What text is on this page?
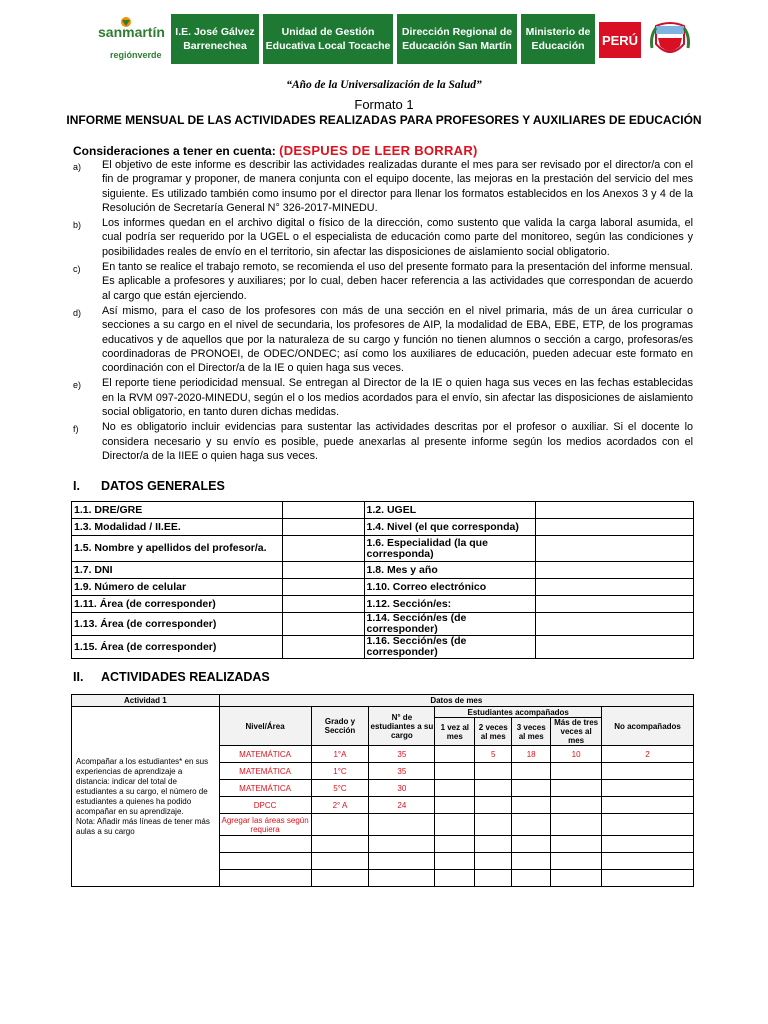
sanmartín
regiónverde
I.E. José Gálvez Barrenechea
Unidad de Gestión Educativa Local Tocache
Dirección Regional de Educación San Martín
Ministerio de Educación	PERÚ
“Año de la Universalización de la Salud”
Formato 1
INFORME MENSUAL DE LAS ACTIVIDADES REALIZADAS PARA PROFESORES Y AUXILIARES DE EDUCACIÓN
Consideraciones a tener en cuenta: (DESPUES DE LEER BORRAR)
a) El objetivo de este informe es describir las actividades realizadas durante el mes para ser revisado por el director/a con el fin de programar y proponer, de manera conjunta con el equipo docente, las mejoras en la prestación del servicio del mes siguiente. Es utilizado también como insumo por el director para llenar los formatos establecidos en los Anexos 3 y 4 de la Resolución de Secretaría General N° 326-2017-MINEDU.
b) Los informes quedan en el archivo digital o físico de la dirección, como sustento que valida la carga laboral asumida, el cual podría ser requerido por la UGEL o el especialista de educación como parte del monitoreo, según las condiciones y posibilidades reales de envío en el territorio, sin afectar las disposiciones de aislamiento social obligatorio.
c) En tanto se realice el trabajo remoto, se recomienda el uso del presente formato para la presentación del informe mensual. Es aplicable a profesores y auxiliares; por lo cual, deben hacer referencia a las actividades que correspondan de acuerdo al cargo que están ejerciendo.
d) Así mismo, para el caso de los profesores con más de una sección en el nivel primaria, más de un área curricular o secciones a su cargo en el nivel de secundaria, los profesores de AIP, la modalidad de EBA, EBE, ETP, de los programas educativos y de aquellos que por la naturaleza de su cargo y función no tienen alumnos o sección a cargo, profesoras/es coordinadoras de PRONOEI, de ODEC/ONDEC; así como los auxiliares de educación, pueden adecuar este formato en coordinación con el Director/a de la IE o quien haga sus veces.
e) El reporte tiene periodicidad mensual. Se entregan al Director de la IE o quien haga sus veces en las fechas establecidas en la RVM 097-2020-MINEDU, según el o los medios acordados para el envío, sin afectar las disposiciones de aislamiento social obligatorio, en tanto duren dichas medidas.
f) No es obligatorio incluir evidencias para sustentar las actividades descritas por el profesor o auxiliar. Si el docente lo considera necesario y su envío es posible, puede anexarlas al presente informe según los medios acordados con el Director/a de la IIEE o quien haga sus veces.
I. DATOS GENERALES
1.1. DRE/GRE		1.2. UGEL	
1.3. Modalidad / II.EE.		1.4. Nivel (el que corresponda)	
1.5. Nombre y apellidos del profesor/a.		1.6. Especialidad (la que corresponda)	
1.7. DNI		1.8. Mes y año	
1.9. Número de celular		1.10. Correo electrónico	
1.11. Área (de corresponder)		1.12. Sección/es:	
1.13. Área (de corresponder)		1.14. Sección/es (de corresponder)	
1.15. Área (de corresponder)		1.16. Sección/es (de corresponder)	
II. ACTIVIDADES REALIZADAS
Actividad 1	Datos de mes							
Acompañar a los estudiantes* en sus experiencias de aprendizaje a distancia: indicar del total de estudiantes a su cargo, el número de estudiantes a quienes ha podido acompañar en su aprendizaje.
Nota: Añadir más líneas de tener más aulas a su cargo	Nivel/Área	Grado y Sección	N° de estudiantes a su cargo	Estudiantes acompañados				No acompañados
				1 vez al mes	2 veces al mes	3 veces al mes	Más de tres veces al mes	
	MATEMÁTICA	1°A	35		5	18	10	2
	MATEMÁTICA	1°C	35					
	MATEMÁTICA	5°C	30					
	DPCC	2° A	24					
	Agregar las áreas según requiera							
